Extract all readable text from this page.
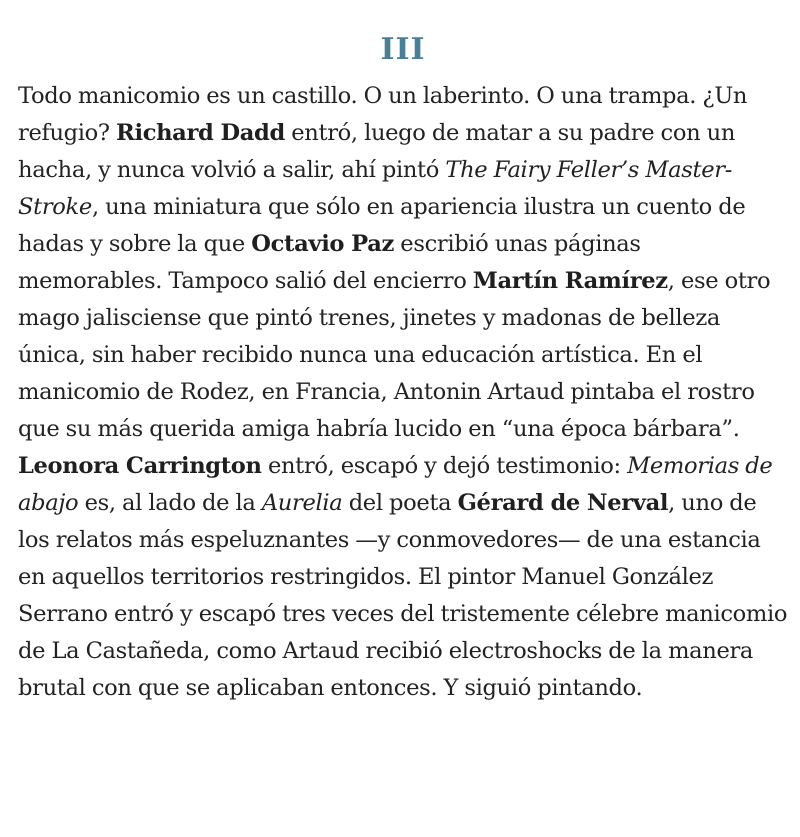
III

Todo manicomio es un castillo. O un laberinto. O una trampa. ¿Un refugio? Richard Dadd entró, luego de matar a su padre con un hacha, y nunca volvió a salir, ahí pintó The Fairy Feller’s Master-Stroke, una miniatura que sólo en apariencia ilustra un cuento de hadas y sobre la que Octavio Paz escribió unas páginas memorables. Tampoco salió del encierro Martín Ramírez, ese otro mago jalisciense que pintó trenes, jinetes y madonas de belleza única, sin haber recibido nunca una educación artística. En el manicomio de Rodez, en Francia, Antonin Artaud pintaba el rostro que su más querida amiga habría lucido en “una época bárbara”. Leonora Carrington entró, escapó y dejó testimonio: Memorias de abajo es, al lado de la Aurelia del poeta Gérard de Nerval, uno de los relatos más espeluznantes —y conmovedores— de una estancia en aquellos territorios restringidos. El pintor Manuel González Serrano entró y escapó tres veces del tristemente célebre manicomio de La Castañeda, como Artaud recibió electroshocks de la manera brutal con que se aplicaban entonces. Y siguió pintando.
